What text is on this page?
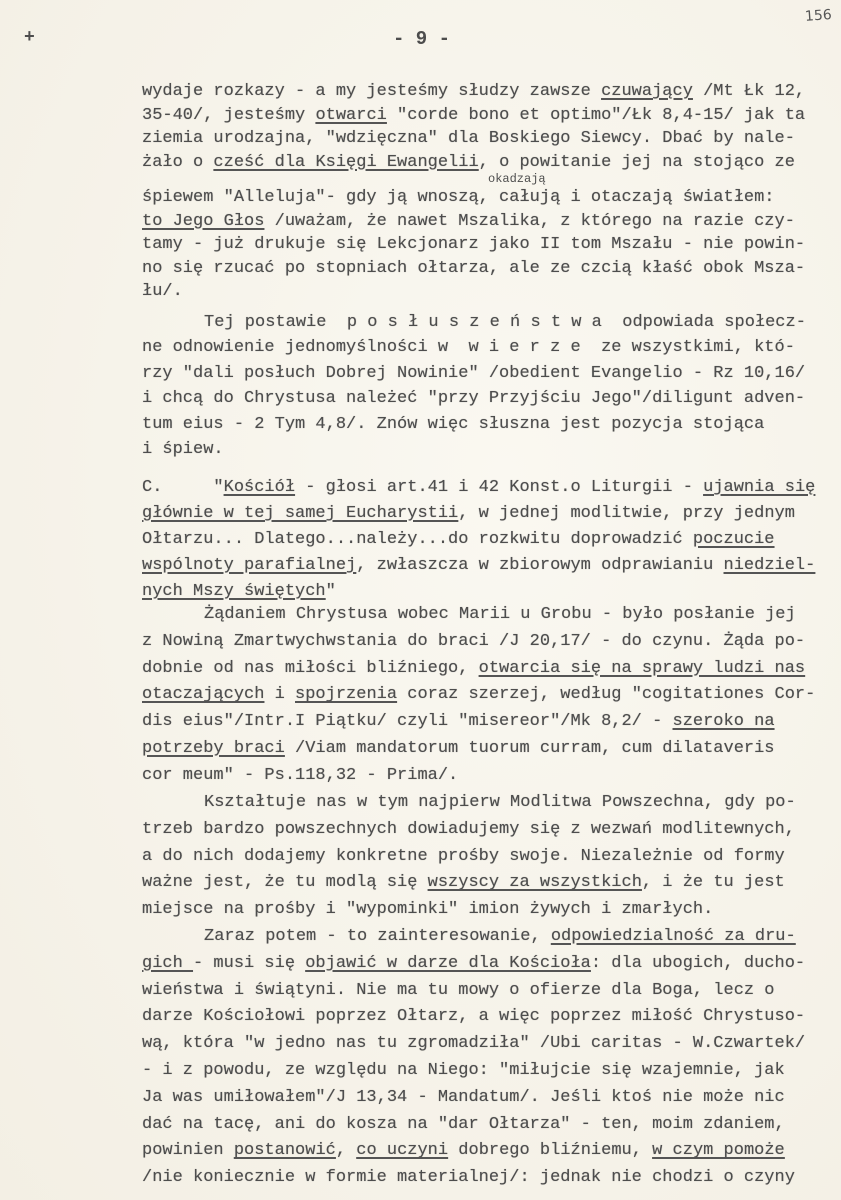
+	- 9 -
156
okadzają
wydaje rozkazy - a my jesteśmy słudzy zawsze czuwający /Mt Łk 12,
35-40/, jesteśmy otwarci "corde bono et optimo"/Łk 8,4-15/ jak ta
ziemia urodzajna, "wdzięczna" dla Boskiego Siewcy. Dbać by nale-
żało o cześć dla Księgi Ewangelii, o powitanie jej na stojąco ze
śpiewem "Alleluja"- gdy ją wnoszą, całują i otaczają światłem:
to Jego Głos /uważam, że nawet Mszalika, z którego na razie czy-
tamy - już drukuje się Lekcjonarz jako II tom Mszału - nie powin-
no się rzucać po stopniach ołtarza, ale ze czcią kłaść obok Msza-
łu/.
Tej postawie  p o s ł u s z e ń s t w a  odpowiada społecz-
ne odnowienie jednomyślności w  w i e r z e  ze wszystkimi, któ-
rzy "dali posłuch Dobrej Nowinie" /obedient Evangelio - Rz 10,16/
i chcą do Chrystusa należeć "przy Przyjściu Jego"/diligunt adven-
tum eius - 2 Tym 4,8/. Znów więc słuszna jest pozycja stojąca
i śpiew.
C.     "Kościół - głosi art.41 i 42 Konst.o Liturgii - ujawnia się
głównie w tej samej Eucharystii, w jednej modlitwie, przy jednym
Ołtarzu... Dlatego...należy...do rozkwitu doprowadzić poczucie
wspólnoty parafialnej, zwłaszcza w zbiorowym odprawianiu niedziel-
nych Mszy świętych"
Żądaniem Chrystusa wobec Marii u Grobu - było posłanie jej
z Nowiną Zmartwychwstania do braci /J 20,17/ - do czynu. Żąda po-
dobnie od nas miłości bliźniego, otwarcia się na sprawy ludzi nas
otaczających i spojrzenia coraz szerzej, według "cogitationes Cor-
dis eius"/Intr.I Piątku/ czyli "misereor"/Mk 8,2/ - szeroko na
potrzeby braci /Viam mandatorum tuorum curram, cum dilataveris
cor meum" - Ps.118,32 - Prima/.
Kształtuje nas w tym najpierw Modlitwa Powszechna, gdy po-
trzeb bardzo powszechnych dowiadujemy się z wezwań modlitewnych,
a do nich dodajemy konkretne prośby swoje. Niezależnie od formy
ważne jest, że tu modlą się wszyscy za wszystkich, i że tu jest
miejsce na prośby i "wypominki" imion żywych i zmarłych.
Zaraz potem - to zainteresowanie, odpowiedzialność za dru-
gich - musi się objawić w darze dla Kościoła: dla ubogich, ducho-
wieństwa i świątyni. Nie ma tu mowy o ofierze dla Boga, lecz o
darze Kościołowi poprzez Ołtarz, a więc poprzez miłość Chrystuso-
wą, która "w jedno nas tu zgromadziła" /Ubi caritas - W.Czwartek/
- i z powodu, ze względu na Niego: "miłujcie się wzajemnie, jak
Ja was umiłowałem"/J 13,34 - Mandatum/. Jeśli ktoś nie może nic
dać na tacę, ani do kosza na "dar Ołtarza" - ten, moim zdaniem,
powinien postanowić, co uczyni dobrego bliźniemu, w czym pomoże
/nie koniecznie w formie materialnej/: jednak nie chodzi o czyny
